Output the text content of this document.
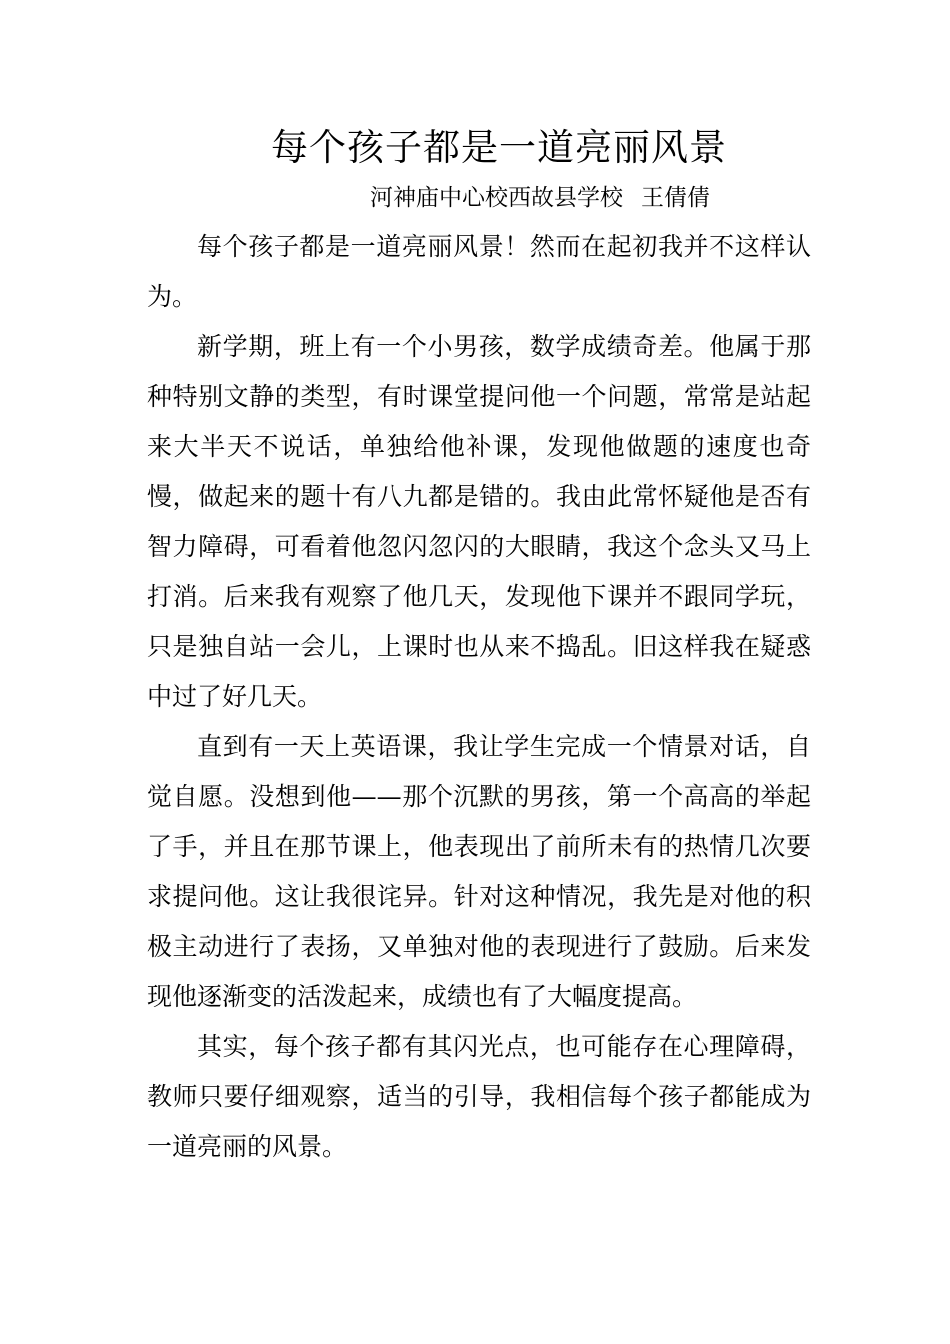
每个孩子都是一道亮丽风景
河神庙中心校西故县学校 王倩倩

每个孩子都是一道亮丽风景！然而在起初我并不这样认为。

新学期，班上有一个小男孩，数学成绩奇差。他属于那种特别文静的类型，有时课堂提问他一个问题，常常是站起来大半天不说话，单独给他补课，发现他做题的速度也奇慢，做起来的题十有八九都是错的。我由此常怀疑他是否有智力障碍，可看着他忽闪忽闪的大眼睛，我这个念头又马上打消。后来我有观察了他几天，发现他下课并不跟同学玩，只是独自站一会儿，上课时也从来不捣乱。旧这样我在疑惑中过了好几天。

直到有一天上英语课，我让学生完成一个情景对话，自觉自愿。没想到他——那个沉默的男孩，第一个高高的举起了手，并且在那节课上，他表现出了前所未有的热情几次要求提问他。这让我很诧异。针对这种情况，我先是对他的积极主动进行了表扬，又单独对他的表现进行了鼓励。后来发现他逐渐变的活泼起来，成绩也有了大幅度提高。

其实，每个孩子都有其闪光点，也可能存在心理障碍，教师只要仔细观察，适当的引导，我相信每个孩子都能成为一道亮丽的风景。
